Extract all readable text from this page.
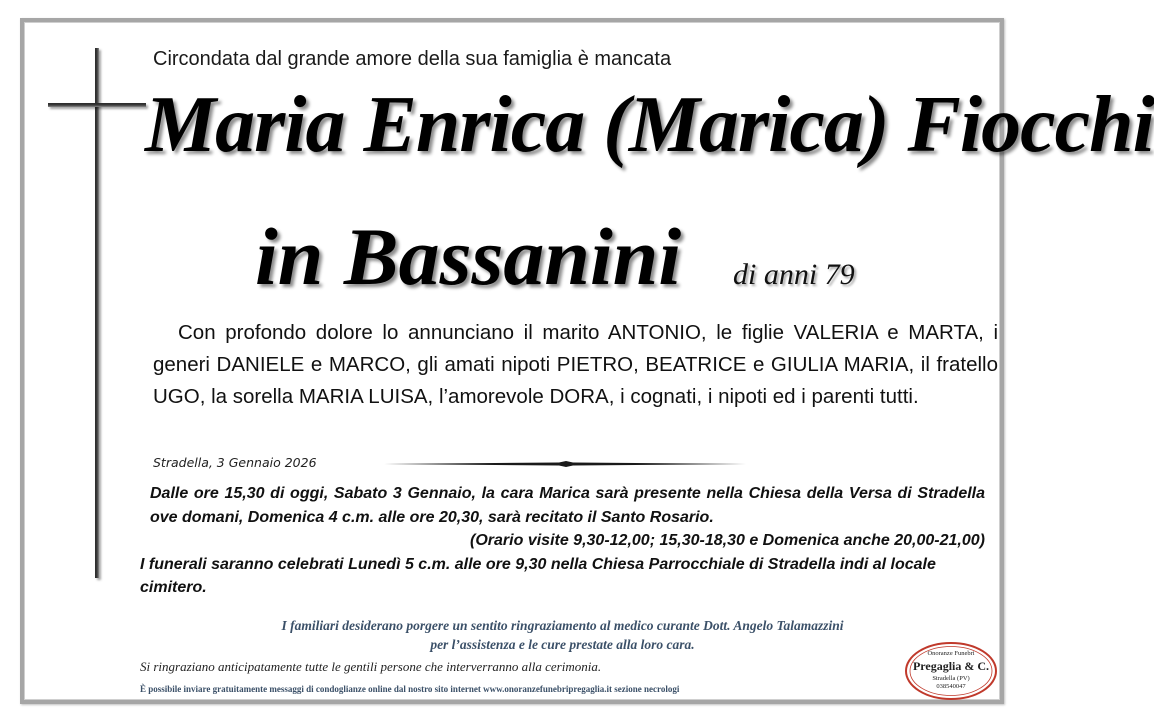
Circondata dal grande amore della sua famiglia è mancata
Maria Enrica (Marica) Fiocchi
in Bassanini di anni 79
Con profondo dolore lo annunciano il marito ANTONIO, le figlie VALERIA e MARTA, i generi DANIELE e MARCO, gli amati nipoti PIETRO, BEATRICE e GIULIA MARIA, il fratello UGO, la sorella MARIA LUISA, l’amorevole DORA, i cognati, i nipoti ed i parenti tutti.
Stradella, 3 Gennaio 2026
Dalle ore 15,30 di oggi, Sabato 3 Gennaio, la cara Marica sarà presente nella Chiesa della Versa di Stradella ove domani, Domenica 4 c.m. alle ore 20,30, sarà recitato il Santo Rosario.
(Orario visite 9,30-12,00; 15,30-18,30 e Domenica anche 20,00-21,00)
I funerali saranno celebrati Lunedì 5 c.m. alle ore 9,30 nella Chiesa Parrocchiale di Stradella indi al locale cimitero.
I familiari desiderano porgere un sentito ringraziamento al medico curante Dott. Angelo Talamazzini
per l’assistenza e le cure prestate alla loro cara.
Si ringraziano anticipatamente tutte le gentili persone che interverranno alla cerimonia.
È possibile inviare gratuitamente messaggi di condoglianze online dal nostro sito internet www.onoranzefunebripregaglia.it sezione necrologi
Onoranze Funebri
Pregaglia & C.
Stradella (PV)
038540047
